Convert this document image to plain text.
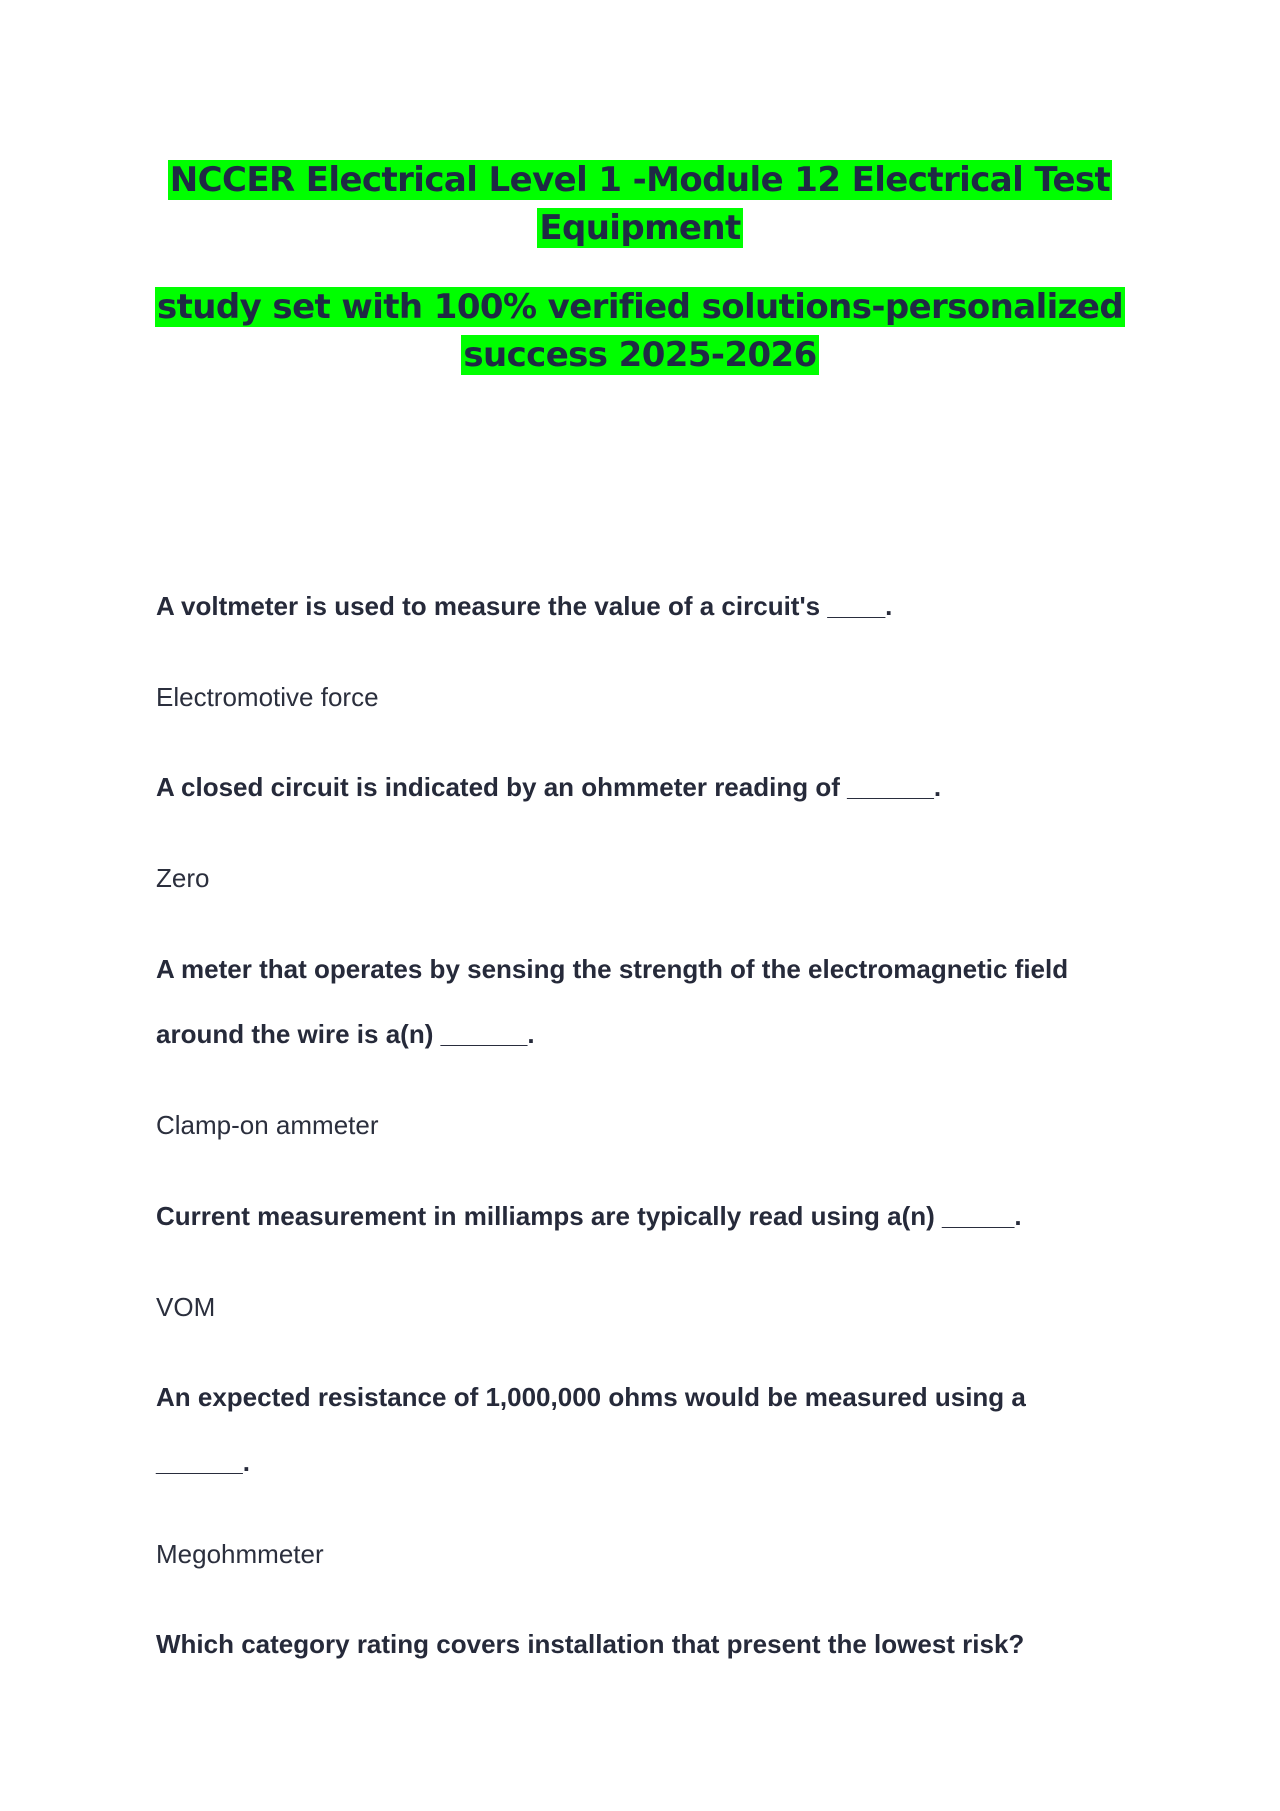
NCCER Electrical Level 1 -Module 12 Electrical Test Equipment
study set with 100% verified solutions-personalized success 2025-2026
A voltmeter is used to measure the value of a circuit's ____.
Electromotive force
A closed circuit is indicated by an ohmmeter reading of ______.
Zero
A meter that operates by sensing the strength of the electromagnetic field around the wire is a(n) ______.
Clamp-on ammeter
Current measurement in milliamps are typically read using a(n) _____.
VOM
An expected resistance of 1,000,000 ohms would be measured using a ______.
Megohmmeter
Which category rating covers installation that present the lowest risk?
